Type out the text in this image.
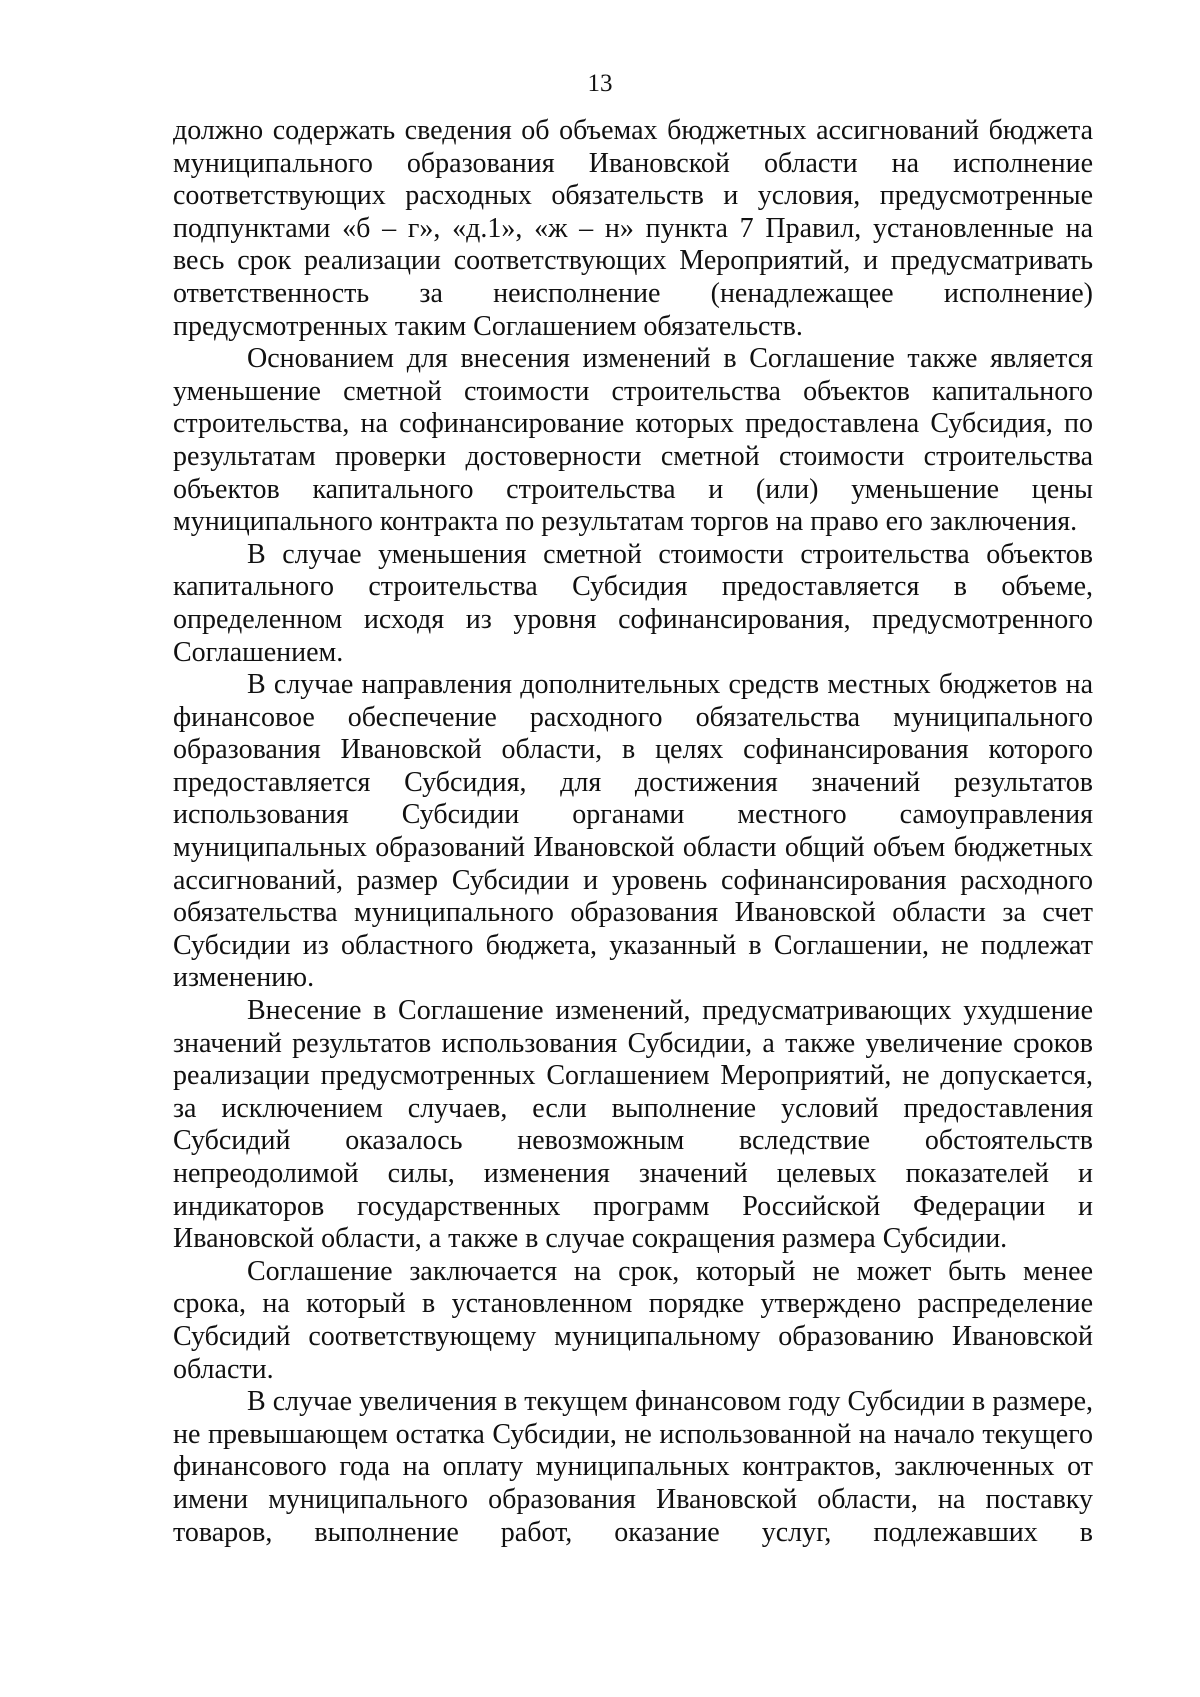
13

должно содержать сведения об объемах бюджетных ассигнований бюджета муниципального образования Ивановской области на исполнение соответствующих расходных обязательств и условия, предусмотренные подпунктами «б – г», «д.1», «ж – н» пункта 7 Правил, установленные на весь срок реализации соответствующих Мероприятий, и предусматривать ответственность за неисполнение (ненадлежащее исполнение) предусмотренных таким Соглашением обязательств.

Основанием для внесения изменений в Соглашение также является уменьшение сметной стоимости строительства объектов капитального строительства, на софинансирование которых предоставлена Субсидия, по результатам проверки достоверности сметной стоимости строительства объектов капитального строительства и (или) уменьшение цены муниципального контракта по результатам торгов на право его заключения.

В случае уменьшения сметной стоимости строительства объектов капитального строительства Субсидия предоставляется в объеме, определенном исходя из уровня софинансирования, предусмотренного Соглашением.

В случае направления дополнительных средств местных бюджетов на финансовое обеспечение расходного обязательства муниципального образования Ивановской области, в целях софинансирования которого предоставляется Субсидия, для достижения значений результатов использования Субсидии органами местного самоуправления муниципальных образований Ивановской области общий объем бюджетных ассигнований, размер Субсидии и уровень софинансирования расходного обязательства муниципального образования Ивановской области за счет Субсидии из областного бюджета, указанный в Соглашении, не подлежат изменению.

Внесение в Соглашение изменений, предусматривающих ухудшение значений результатов использования Субсидии, а также увеличение сроков реализации предусмотренных Соглашением Мероприятий, не допускается, за исключением случаев, если выполнение условий предоставления Субсидий оказалось невозможным вследствие обстоятельств непреодолимой силы, изменения значений целевых показателей и индикаторов государственных программ Российской Федерации и Ивановской области, а также в случае сокращения размера Субсидии.

Соглашение заключается на срок, который не может быть менее срока, на который в установленном порядке утверждено распределение Субсидий соответствующему муниципальному образованию Ивановской области.

В случае увеличения в текущем финансовом году Субсидии в размере, не превышающем остатка Субсидии, не использованной на начало текущего финансового года на оплату муниципальных контрактов, заключенных от имени муниципального образования Ивановской области, на поставку товаров, выполнение работ, оказание услуг, подлежавших в
